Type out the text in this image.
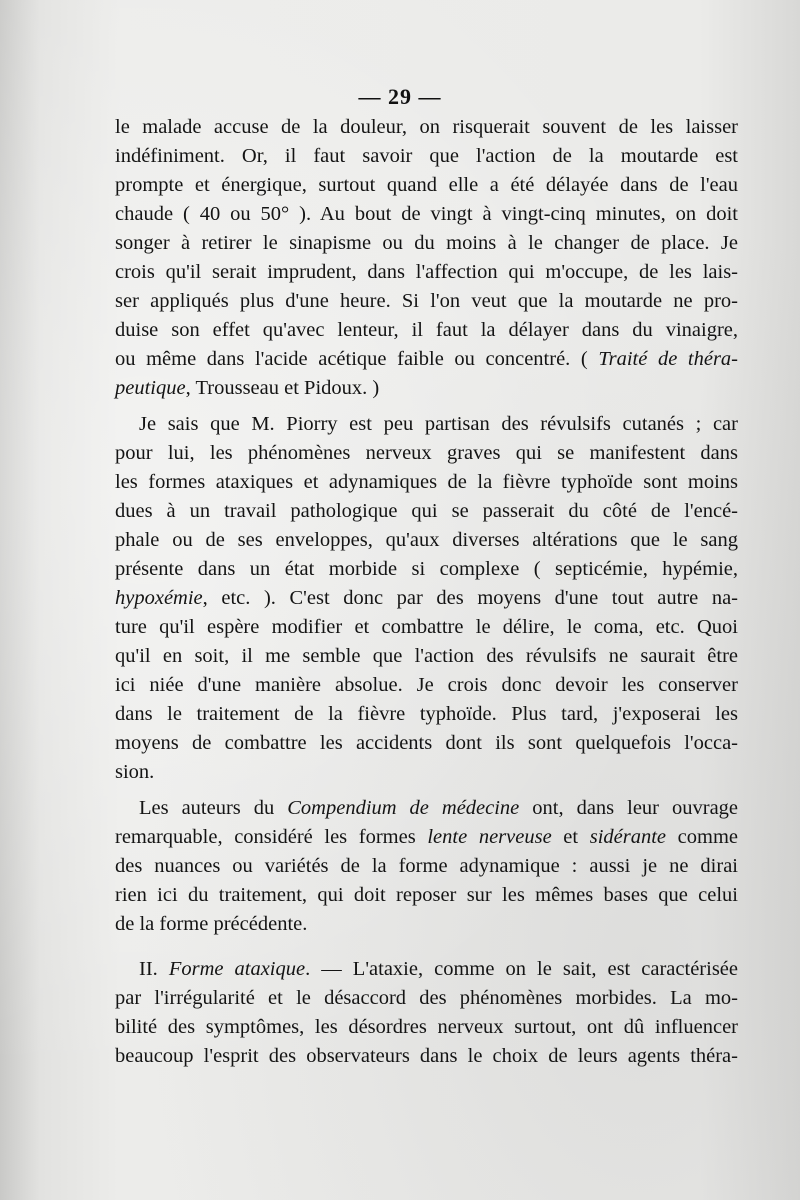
— 29 —
le malade accuse de la douleur, on risquerait souvent de les laisser
indéfiniment. Or, il faut savoir que l'action de la moutarde est
prompte et énergique, surtout quand elle a été délayée dans de l'eau
chaude ( 40 ou 50° ). Au bout de vingt à vingt-cinq minutes, on doit
songer à retirer le sinapisme ou du moins à le changer de place. Je
crois qu'il serait imprudent, dans l'affection qui m'occupe, de les lais-
ser appliqués plus d'une heure. Si l'on veut que la moutarde ne pro-
duise son effet qu'avec lenteur, il faut la délayer dans du vinaigre,
ou même dans l'acide acétique faible ou concentré. ( Traité de théra-
peutique, Trousseau et Pidoux. )
Je sais que M. Piorry est peu partisan des révulsifs cutanés ; car
pour lui, les phénomènes nerveux graves qui se manifestent dans
les formes ataxiques et adynamiques de la fièvre typhoïde sont moins
dues à un travail pathologique qui se passerait du côté de l'encé-
phale ou de ses enveloppes, qu'aux diverses altérations que le sang
présente dans un état morbide si complexe ( septicémie, hypémie,
hypoxémie, etc. ). C'est donc par des moyens d'une tout autre na-
ture qu'il espère modifier et combattre le délire, le coma, etc. Quoi
qu'il en soit, il me semble que l'action des révulsifs ne saurait être
ici niée d'une manière absolue. Je crois donc devoir les conserver
dans le traitement de la fièvre typhoïde. Plus tard, j'exposerai les
moyens de combattre les accidents dont ils sont quelquefois l'occa-
sion.
Les auteurs du Compendium de médecine ont, dans leur ouvrage
remarquable, considéré les formes lente nerveuse et sidérante comme
des nuances ou variétés de la forme adynamique : aussi je ne dirai
rien ici du traitement, qui doit reposer sur les mêmes bases que celui
de la forme précédente.
II. Forme ataxique. — L'ataxie, comme on le sait, est caractérisée
par l'irrégularité et le désaccord des phénomènes morbides. La mo-
bilité des symptômes, les désordres nerveux surtout, ont dû influencer
beaucoup l'esprit des observateurs dans le choix de leurs agents théra-
